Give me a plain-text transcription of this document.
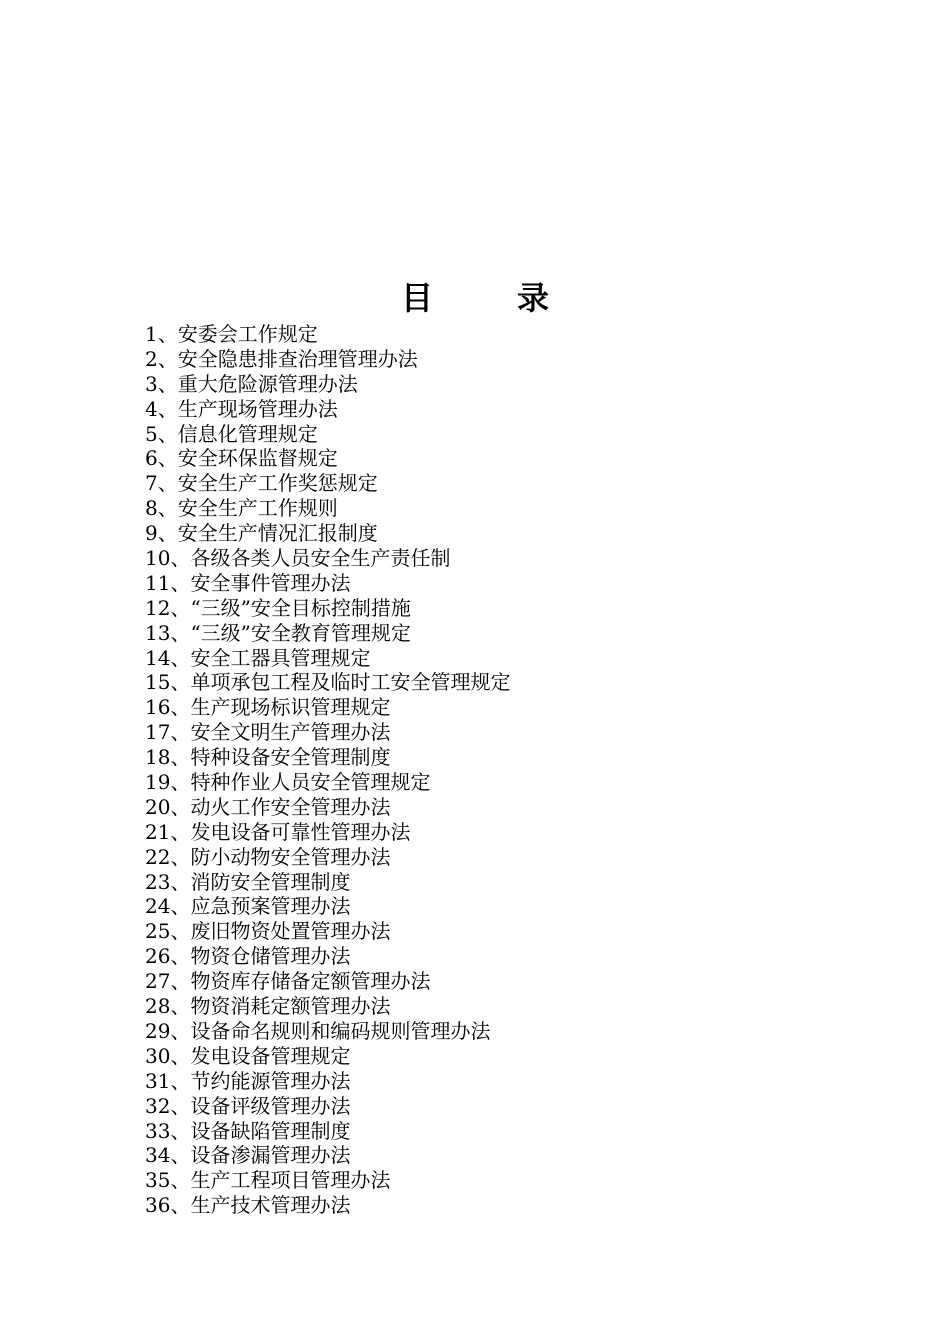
目	录
1、安委会工作规定
2、安全隐患排查治理管理办法
3、重大危险源管理办法
4、生产现场管理办法
5、信息化管理规定
6、安全环保监督规定
7、安全生产工作奖惩规定
8、安全生产工作规则
9、安全生产情况汇报制度
10、各级各类人员安全生产责任制
11、安全事件管理办法
12、“三级”安全目标控制措施
13、“三级”安全教育管理规定
14、安全工器具管理规定
15、单项承包工程及临时工安全管理规定
16、生产现场标识管理规定
17、安全文明生产管理办法
18、特种设备安全管理制度
19、特种作业人员安全管理规定
20、动火工作安全管理办法
21、发电设备可靠性管理办法
22、防小动物安全管理办法
23、消防安全管理制度
24、应急预案管理办法
25、废旧物资处置管理办法
26、物资仓储管理办法
27、物资库存储备定额管理办法
28、物资消耗定额管理办法
29、设备命名规则和编码规则管理办法
30、发电设备管理规定
31、节约能源管理办法
32、设备评级管理办法
33、设备缺陷管理制度
34、设备渗漏管理办法
35、生产工程项目管理办法
36、生产技术管理办法
